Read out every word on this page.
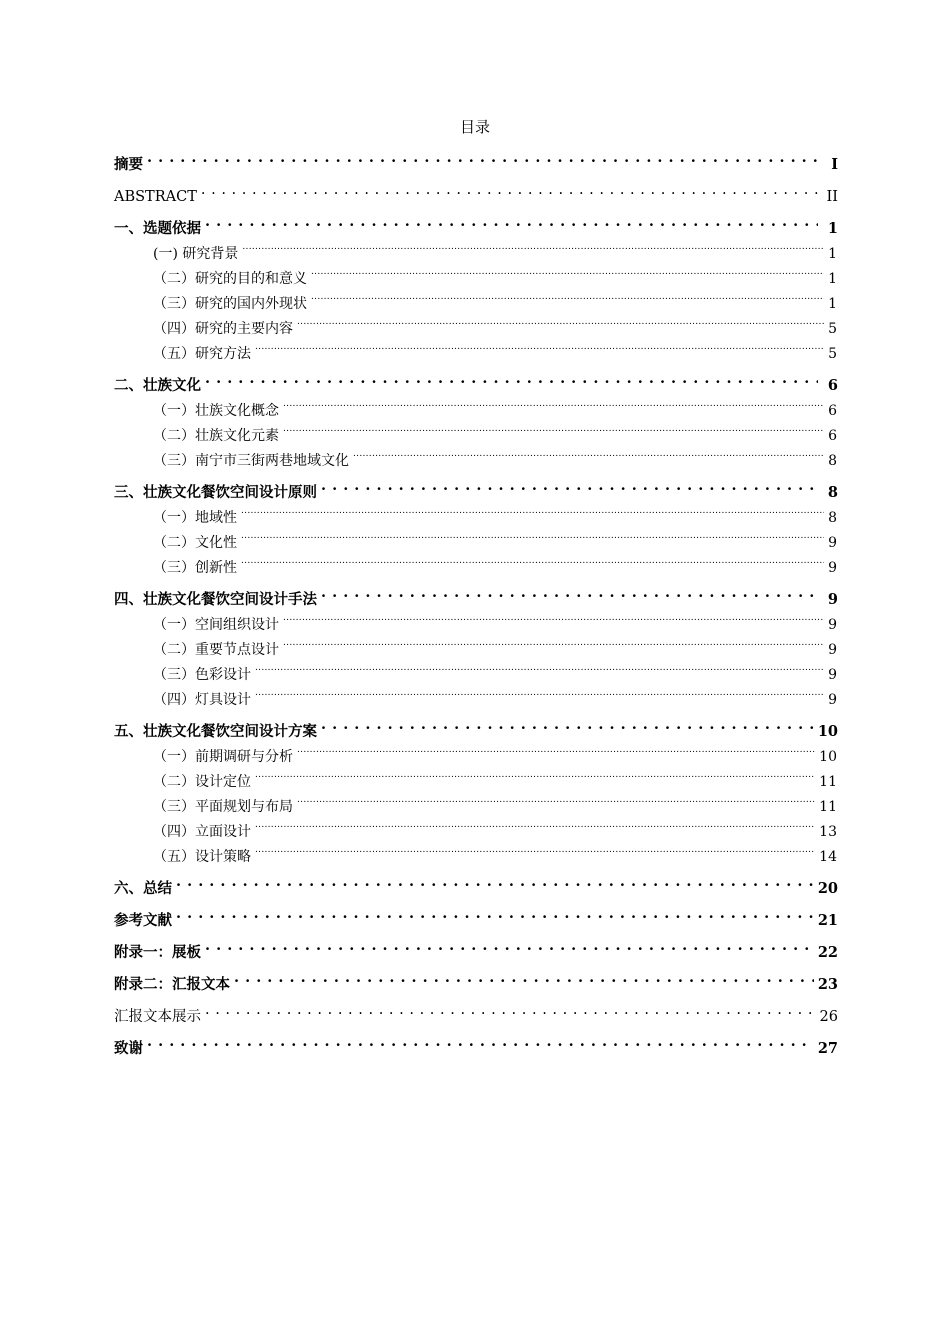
目录
摘要 . . .	I
ABSTRACT . . .	II
一、选题依据 . . .	1
(一) 研究背景 .....	1
（二）研究的目的和意义 .....	1
（三）研究的国内外现状 .....	1
（四）研究的主要内容 .....	5
（五）研究方法 .....	5
二、壮族文化 . . .	6
（一）壮族文化概念 .....	6
（二）壮族文化元素 .....	6
（三）南宁市三街两巷地域文化 .....	8
三、壮族文化餐饮空间设计原则 . . .	8
（一）地域性 .....	8
（二）文化性 .....	9
（三）创新性 .....	9
四、壮族文化餐饮空间设计手法 . . .	9
（一）空间组织设计 .....	9
（二）重要节点设计 .....	9
（三）色彩设计 .....	9
（四）灯具设计 .....	9
五、壮族文化餐饮空间设计方案 . . .	10
（一）前期调研与分析 .....	10
（二）设计定位 .....	11
（三）平面规划与布局 .....	11
（四）立面设计 .....	13
（五）设计策略 .....	14
六、总结 . . .	20
参考文献 . . .	21
附录一：展板 . . .	22
附录二：汇报文本 . . .	23
汇报文本展示 . . .	26
致谢 . . .	27
